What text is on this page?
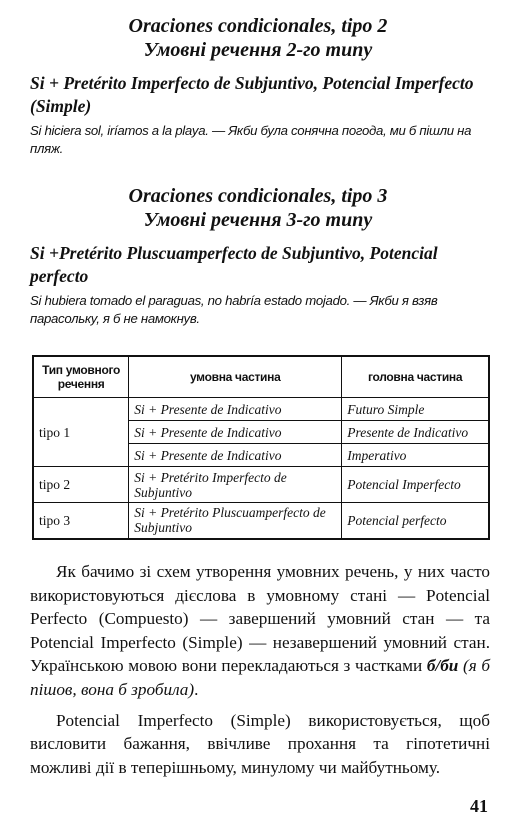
Oraciones condicionales, tipo 2
Умовні речення 2-го типу

Si + Pretérito Imperfecto de Subjuntivo, Potencial Imperfecto (Simple)

Si hiciera sol, iríamos a la playa. — Якби була сонячна погода, ми б пішли на пляж.

Oraciones condicionales, tipo 3
Умовні речення 3-го типу

Si +Pretérito Pluscuamperfecto de Subjuntivo, Potencial perfecto

Si hubiera tomado el paraguas, no habría estado mojado. — Якби я взяв парасольку, я б не намокнув.

Тип умовного речення	умовна частина	головна частина
tipo 1	Si + Presente de Indicativo	Futuro Simple
	Si + Presente de Indicativo	Presente de Indicativo
	Si + Presente de Indicativo	Imperativo
tipo 2	Si + Pretérito Imperfecto de Subjuntivo	Potencial Imperfecto
tipo 3	Si + Pretérito Pluscuamperfecto de Subjuntivo	Potencial perfecto

Як бачимо зі схем утворення умовних речень, у них часто використовуються дієслова в умовному стані — Potencial Perfecto (Compuesto) — завершений умовний стан — та Potencial Imperfecto (Simple) — незавершений умовний стан. Українською мовою вони перекладаються з частками б/би (я б пішов, вона б зробила).

Potencial Imperfecto (Simple) використовується, щоб висловити бажання, ввічливе прохання та гіпотетичні можливі дії в теперішньому, минулому чи майбутньому.

41
